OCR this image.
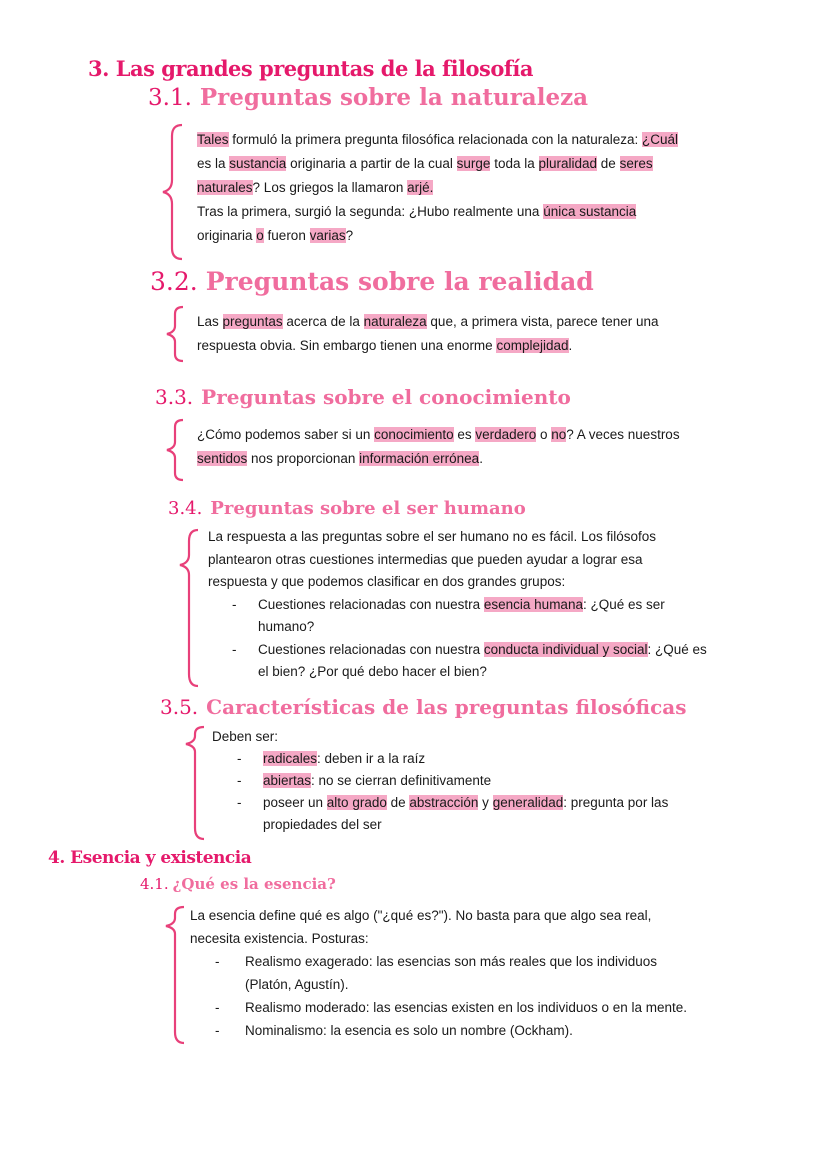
3. Las grandes preguntas de la filosofía
3.1. Preguntas sobre la naturaleza
Tales formuló la primera pregunta filosófica relacionada con la naturaleza: ¿Cuál
es la sustancia originaria a partir de la cual surge toda la pluralidad de seres
naturales? Los griegos la llamaron arjé.
Tras la primera, surgió la segunda: ¿Hubo realmente una única sustancia
originaria o fueron varias?
3.2. Preguntas sobre la realidad
Las preguntas acerca de la naturaleza que, a primera vista, parece tener una
respuesta obvia. Sin embargo tienen una enorme complejidad.
3.3. Preguntas sobre el conocimiento
¿Cómo podemos saber si un conocimiento es verdadero o no? A veces nuestros
sentidos nos proporcionan información errónea.
3.4. Preguntas sobre el ser humano
La respuesta a las preguntas sobre el ser humano no es fácil. Los filósofos
plantearon otras cuestiones intermedias que pueden ayudar a lograr esa
respuesta y que podemos clasificar en dos grandes grupos:
- Cuestiones relacionadas con nuestra esencia humana: ¿Qué es ser
humano?
- Cuestiones relacionadas con nuestra conducta individual y social: ¿Qué es
el bien? ¿Por qué debo hacer el bien?
3.5. Características de las preguntas filosóficas
Deben ser:
- radicales: deben ir a la raíz
- abiertas: no se cierran definitivamente
- poseer un alto grado de abstracción y generalidad: pregunta por las
propiedades del ser
4. Esencia y existencia
4.1. ¿Qué es la esencia?
La esencia define qué es algo ("¿qué es?"). No basta para que algo sea real,
necesita existencia. Posturas:
- Realismo exagerado: las esencias son más reales que los individuos
(Platón, Agustín).
- Realismo moderado: las esencias existen en los individuos o en la mente.
- Nominalismo: la esencia es solo un nombre (Ockham).
